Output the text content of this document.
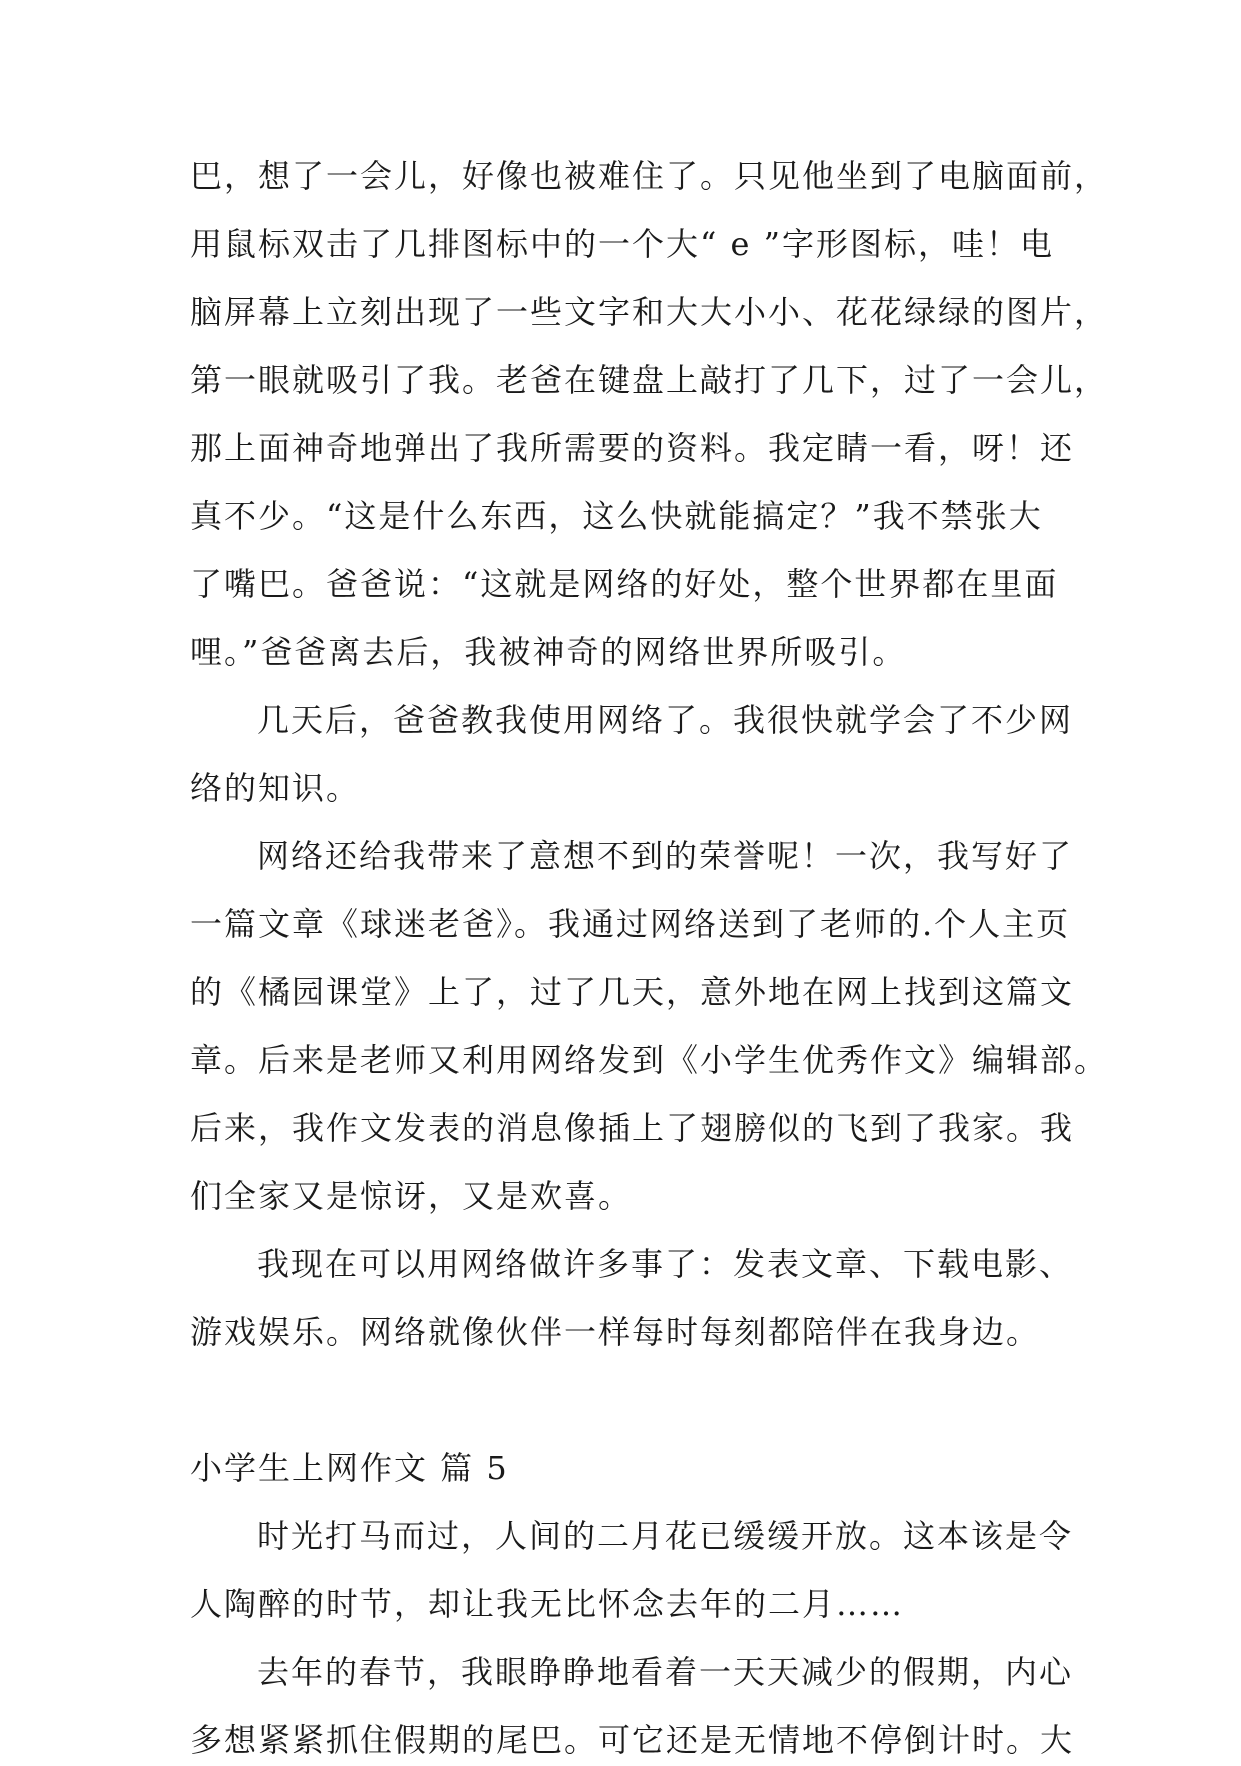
巴，想了一会儿，好像也被难住了。只见他坐到了电脑面前，
用鼠标双击了几排图标中的一个大“ e ”字形图标，哇！电
脑屏幕上立刻出现了一些文字和大大小小、花花绿绿的图片，
第一眼就吸引了我。老爸在键盘上敲打了几下，过了一会儿，
那上面神奇地弹出了我所需要的资料。我定睛一看，呀！还
真不少。“这是什么东西，这么快就能搞定？”我不禁张大
了嘴巴。爸爸说：“这就是网络的好处，整个世界都在里面
哩。”爸爸离去后，我被神奇的网络世界所吸引。
几天后，爸爸教我使用网络了。我很快就学会了不少网
络的知识。
网络还给我带来了意想不到的荣誉呢！一次，我写好了
一篇文章《球迷老爸》。我通过网络送到了老师的.个人主页
的《橘园课堂》上了，过了几天，意外地在网上找到这篇文
章。后来是老师又利用网络发到《小学生优秀作文》编辑部。
后来，我作文发表的消息像插上了翅膀似的飞到了我家。我
们全家又是惊讶，又是欢喜。
我现在可以用网络做许多事了：发表文章、下载电影、
游戏娱乐。网络就像伙伴一样每时每刻都陪伴在我身边。
小学生上网作文 篇 5
时光打马而过，人间的二月花已缓缓开放。这本该是令
人陶醉的时节，却让我无比怀念去年的二月……
去年的春节，我眼睁睁地看着一天天减少的假期，内心
多想紧紧抓住假期的尾巴。可它还是无情地不停倒计时。大
